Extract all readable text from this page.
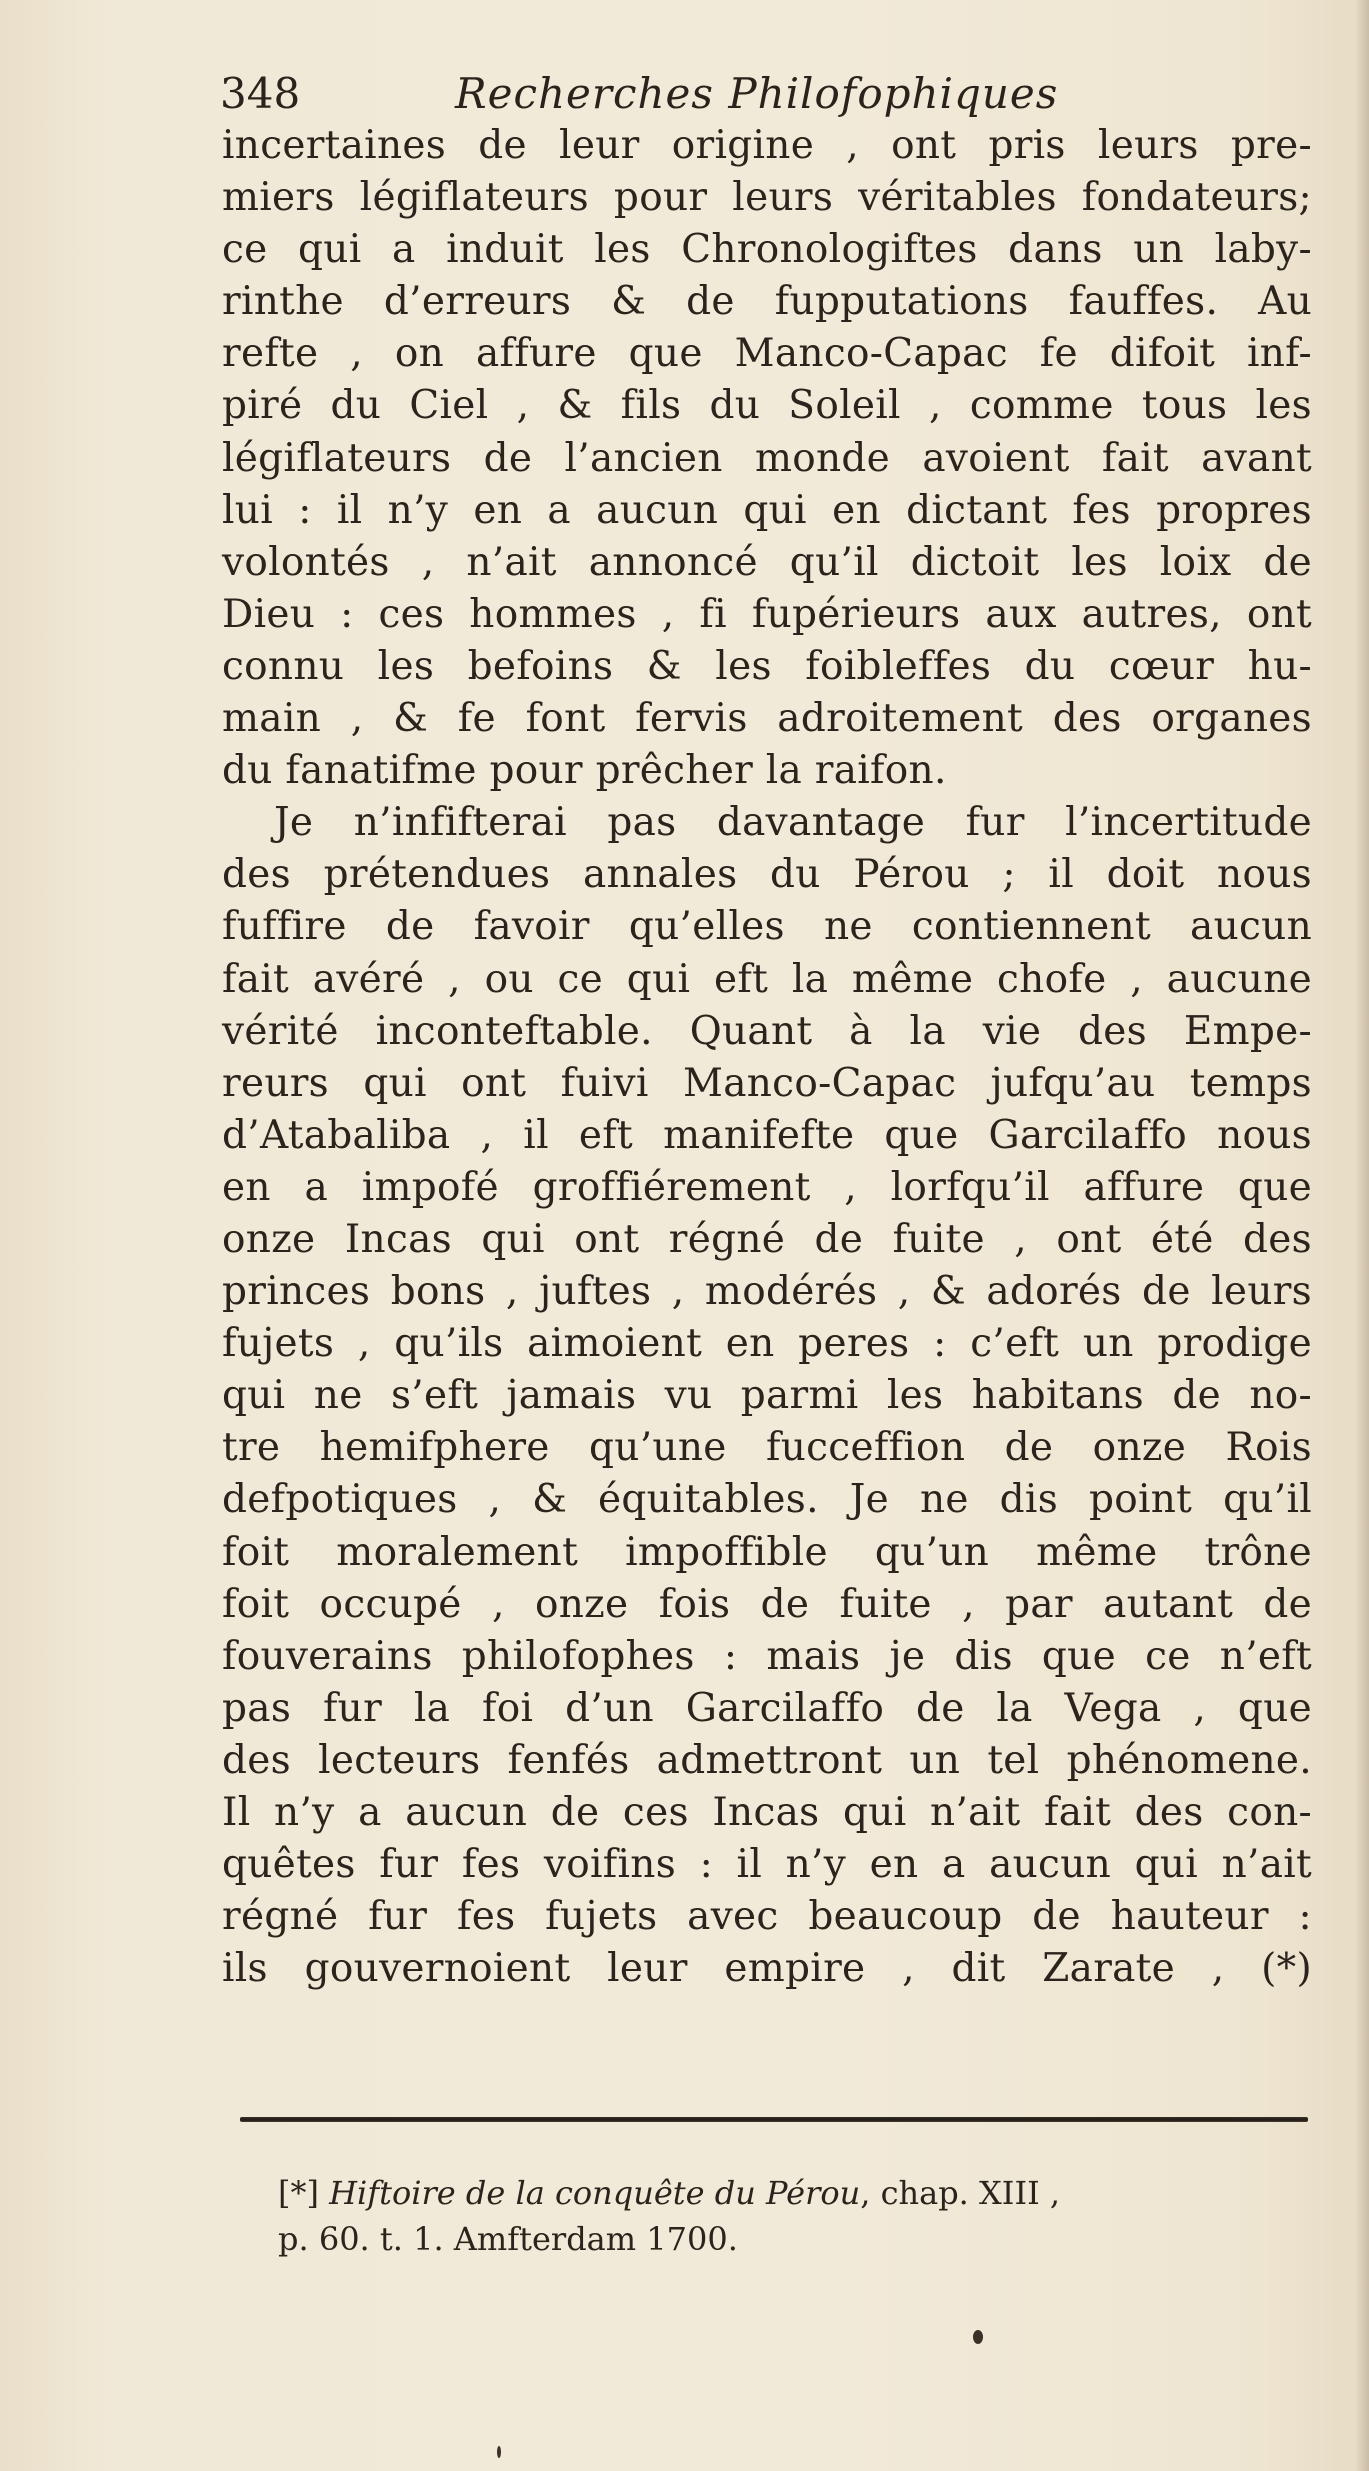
348	Recherches Philofophiques
incertaines de leur origine , ont pris leurs pre-
miers légiflateurs pour leurs véritables fondateurs;
ce qui a induit les Chronologiftes dans un laby-
rinthe d’erreurs & de fupputations fauffes. Au
refte , on affure que Manco-Capac fe difoit inf-
piré du Ciel , & fils du Soleil , comme tous les
légiflateurs de l’ancien monde avoient fait avant
lui : il n’y en a aucun qui en dictant fes propres
volontés , n’ait annoncé qu’il dictoit les loix de
Dieu : ces hommes , fi fupérieurs aux autres, ont
connu les befoins & les foibleffes du cœur hu-
main , & fe font fervis adroitement des organes
du fanatifme pour prêcher la raifon.
Je n’infifterai pas davantage fur l’incertitude
des prétendues annales du Pérou ; il doit nous
fuffire de favoir qu’elles ne contiennent aucun
fait avéré , ou ce qui eft la même chofe , aucune
vérité inconteftable. Quant à la vie des Empe-
reurs qui ont fuivi Manco-Capac jufqu’au temps
d’Atabaliba , il eft manifefte que Garcilaffo nous
en a impofé groffiérement , lorfqu’il affure que
onze Incas qui ont régné de fuite , ont été des
princes bons , juftes , modérés , & adorés de leurs
fujets , qu’ils aimoient en peres : c’eft un prodige
qui ne s’eft jamais vu parmi les habitans de no-
tre hemifphere qu’une fucceffion de onze Rois
defpotiques , & équitables. Je ne dis point qu’il
foit moralement impoffible qu’un même trône
foit occupé , onze fois de fuite , par autant de
fouverains philofophes : mais je dis que ce n’eft
pas fur la foi d’un Garcilaffo de la Vega , que
des lecteurs fenfés admettront un tel phénomene.
Il n’y a aucun de ces Incas qui n’ait fait des con-
quêtes fur fes voifins : il n’y en a aucun qui n’ait
régné fur fes fujets avec beaucoup de hauteur :
ils gouvernoient leur empire , dit Zarate , (*)
[*] Hiftoire de la conquête du Pérou, chap. XIII ,
p. 60. t. 1. Amfterdam 1700.
